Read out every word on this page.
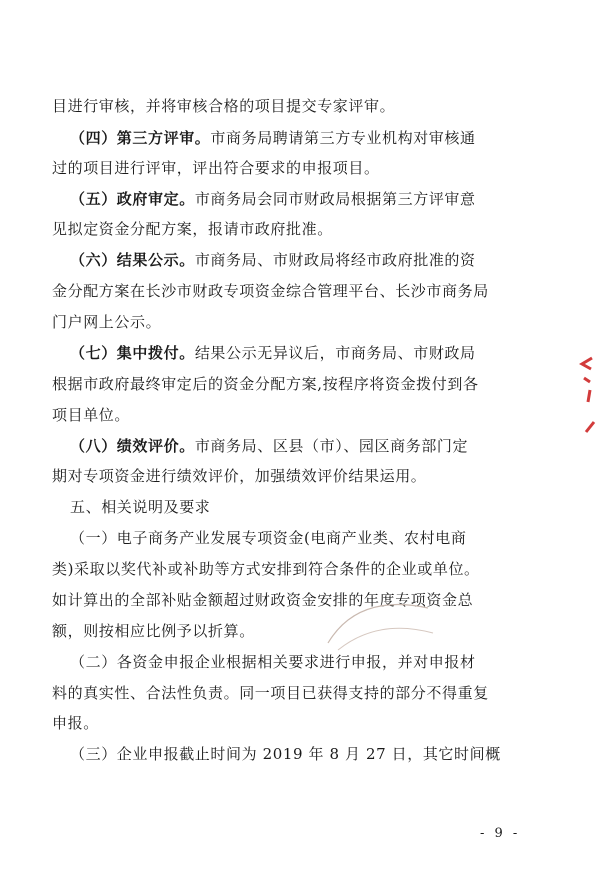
目进行审核，并将审核合格的项目提交专家评审。
（四）第三方评审。市商务局聘请第三方专业机构对审核通
过的项目进行评审，评出符合要求的申报项目。
（五）政府审定。市商务局会同市财政局根据第三方评审意
见拟定资金分配方案，报请市政府批准。
（六）结果公示。市商务局、市财政局将经市政府批准的资
金分配方案在长沙市财政专项资金综合管理平台、长沙市商务局
门户网上公示。
（七）集中拨付。结果公示无异议后，市商务局、市财政局
根据市政府最终审定后的资金分配方案,按程序将资金拨付到各
项目单位。
（八）绩效评价。市商务局、区县（市）、园区商务部门定
期对专项资金进行绩效评价，加强绩效评价结果运用。
五、相关说明及要求
（一）电子商务产业发展专项资金(电商产业类、农村电商
类)采取以奖代补或补助等方式安排到符合条件的企业或单位。
如计算出的全部补贴金额超过财政资金安排的年度专项资金总
额，则按相应比例予以折算。
（二）各资金申报企业根据相关要求进行申报，并对申报材
料的真实性、合法性负责。同一项目已获得支持的部分不得重复
申报。
（三）企业申报截止时间为 2019 年 8 月 27 日，其它时间概
- 9 -
